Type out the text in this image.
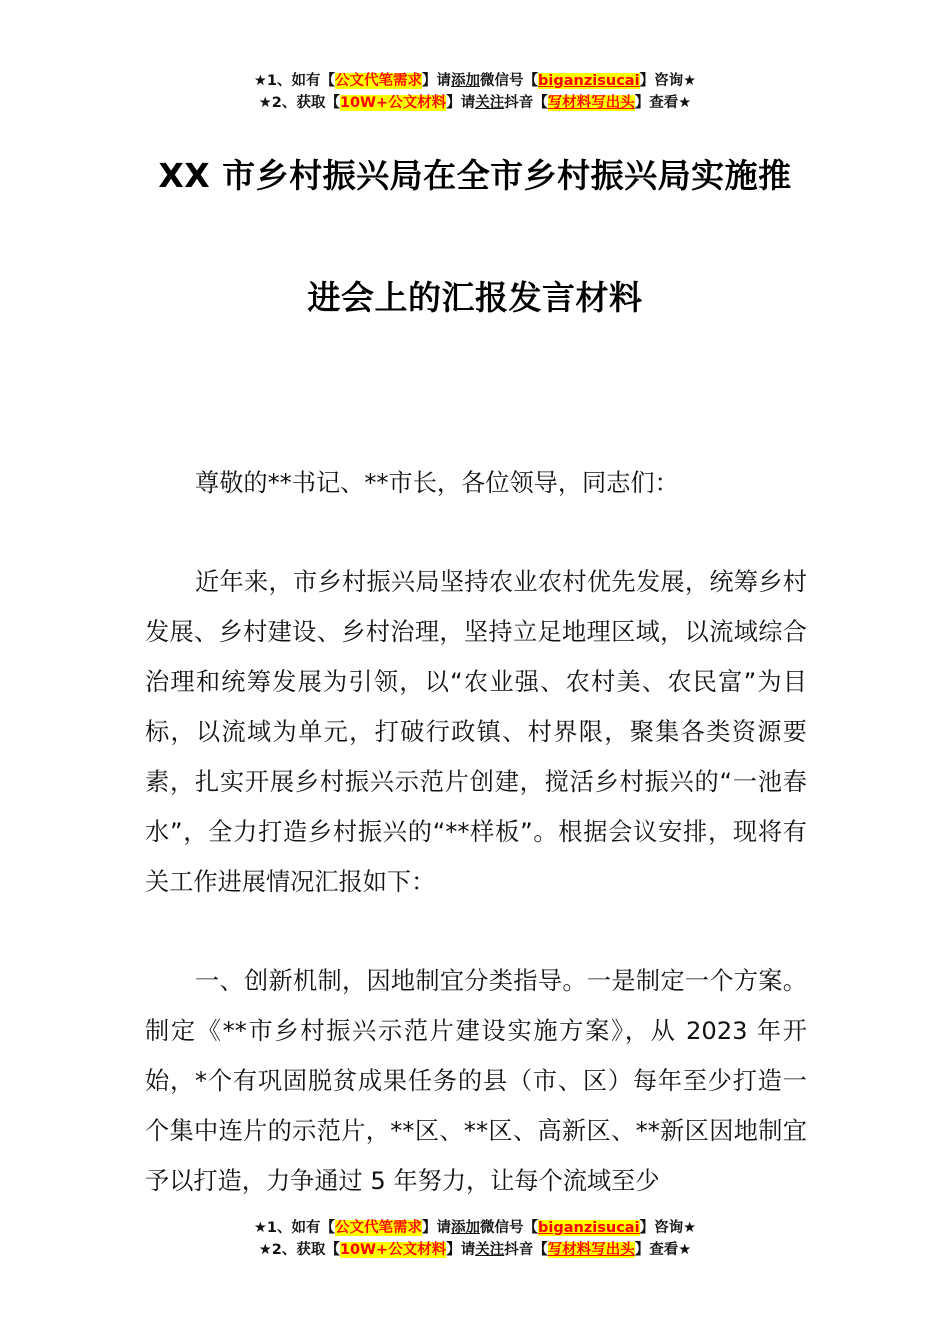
★1、如有【公文代笔需求】请添加微信号【biganzisucai】咨询★
★2、获取【10W+公文材料】请关注抖音【写材料写出头】查看★
XX 市乡村振兴局在全市乡村振兴局实施推
进会上的汇报发言材料
尊敬的**书记、**市长，各位领导，同志们：
近年来，市乡村振兴局坚持农业农村优先发展，统筹乡村发展、乡村建设、乡村治理，坚持立足地理区域，以流域综合治理和统筹发展为引领，以“农业强、农村美、农民富”为目标，以流域为单元，打破行政镇、村界限，聚集各类资源要素，扎实开展乡村振兴示范片创建，搅活乡村振兴的“一池春水”，全力打造乡村振兴的“**样板”。根据会议安排，现将有关工作进展情况汇报如下：
一、创新机制，因地制宜分类指导。一是制定一个方案。制定《**市乡村振兴示范片建设实施方案》，从 2023 年开始，*个有巩固脱贫成果任务的县（市、区）每年至少打造一个集中连片的示范片，**区、**区、高新区、**新区因地制宜予以打造，力争通过 5 年努力，让每个流域至少
★1、如有【公文代笔需求】请添加微信号【biganzisucai】咨询★
★2、获取【10W+公文材料】请关注抖音【写材料写出头】查看★
